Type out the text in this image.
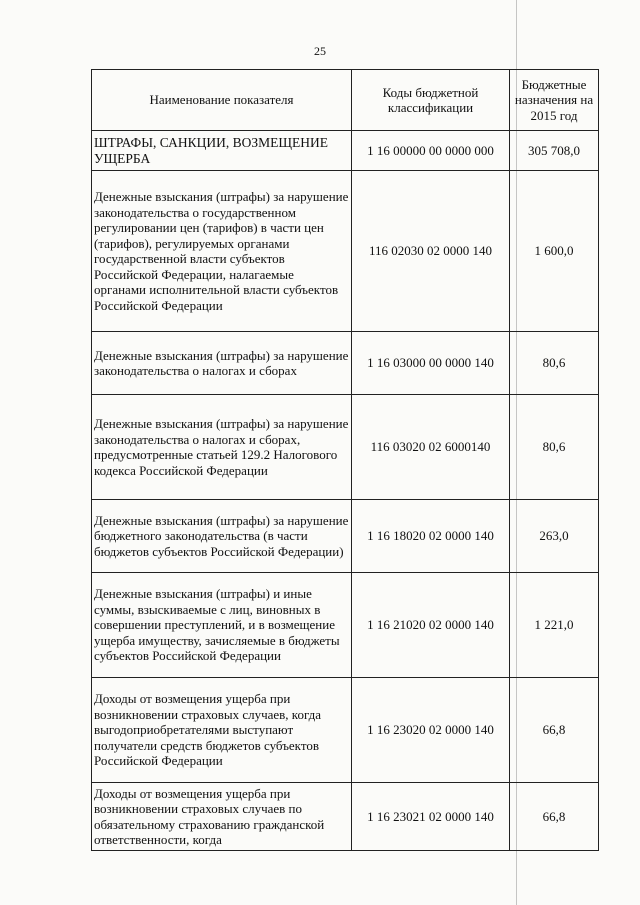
25
Наименование показателя	Коды бюджетной классификации	Бюджетные назначения на 2015 год
ШТРАФЫ, САНКЦИИ, ВОЗМЕЩЕНИЕ УЩЕРБА	1 16 00000 00 0000 000	305 708,0
Денежные взыскания (штрафы) за нарушение законодательства о государственном регулировании цен (тарифов) в части цен (тарифов), регулируемых органами государственной власти субъектов Российской Федерации, налагаемые органами исполнительной власти субъектов Российской Федерации	116 02030 02 0000 140	1 600,0
Денежные взыскания (штрафы) за нарушение законодательства о налогах и сборах	1 16 03000 00 0000 140	80,6
Денежные взыскания (штрафы) за нарушение законодательства о налогах и сборах, предусмотренные статьей 129.2 Налогового кодекса Российской Федерации	116 03020 02 6000140	80,6
Денежные взыскания (штрафы) за нарушение бюджетного законодательства (в части бюджетов субъектов Российской Федерации)	1 16 18020 02 0000 140	263,0
Денежные взыскания (штрафы) и иные суммы, взыскиваемые с лиц, виновных в совершении преступлений, и в возмещение ущерба имуществу, зачисляемые в бюджеты субъектов Российской Федерации	1 16 21020 02 0000 140	1 221,0
Доходы от возмещения ущерба при возникновении страховых случаев, когда выгодоприобретателями выступают получатели средств бюджетов субъектов Российской Федерации	1 16 23020 02 0000 140	66,8
Доходы от возмещения ущерба при возникновении страховых случаев по обязательному страхованию гражданской ответственности, когда	1 16 23021 02 0000 140	66,8
